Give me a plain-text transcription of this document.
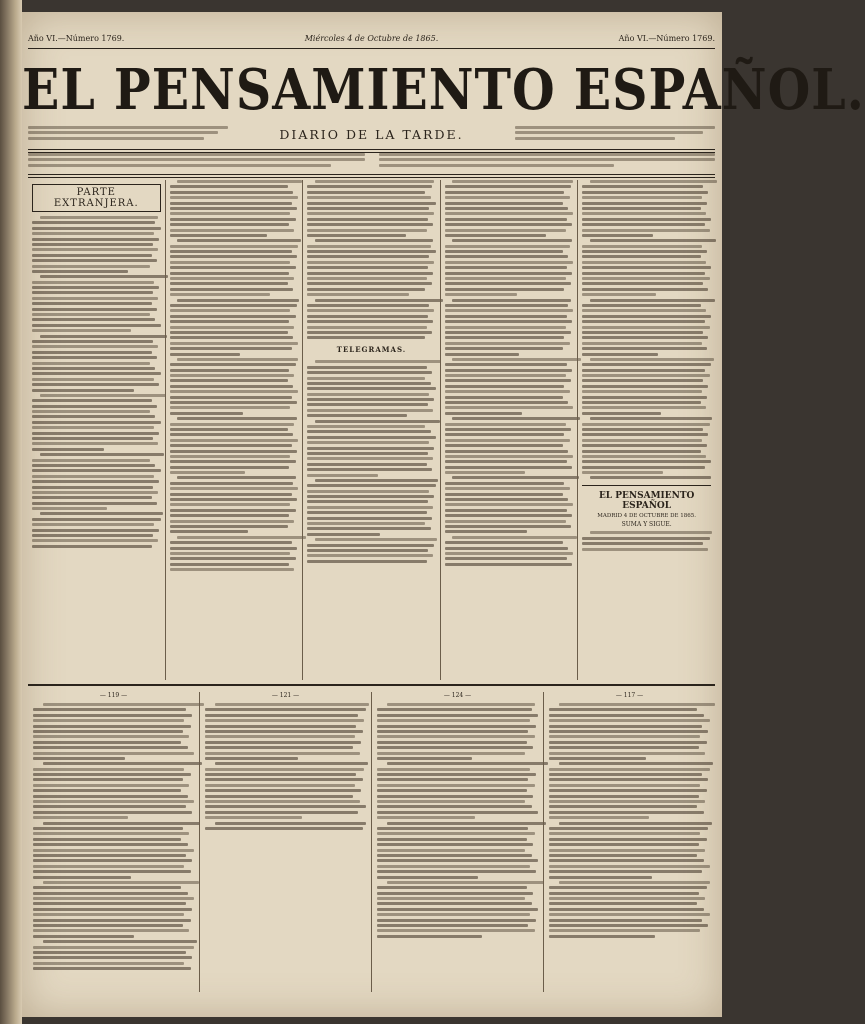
Año VI.—Número 1769.	Miércoles 4 de Octubre de 1865.	Año VI.—Número 1769.
EL PENSAMIENTO ESPAÑOL.
DIARIO DE LA TARDE.
PARTE EXTRANJERA.
TELEGRAMAS.
EL PENSAMIENTO ESPAÑOL
MADRID 4 DE OCTUBRE DE 1865.
SUMA Y SIGUE.
— 119 —	— 121 —	— 124 —	— 117 —
